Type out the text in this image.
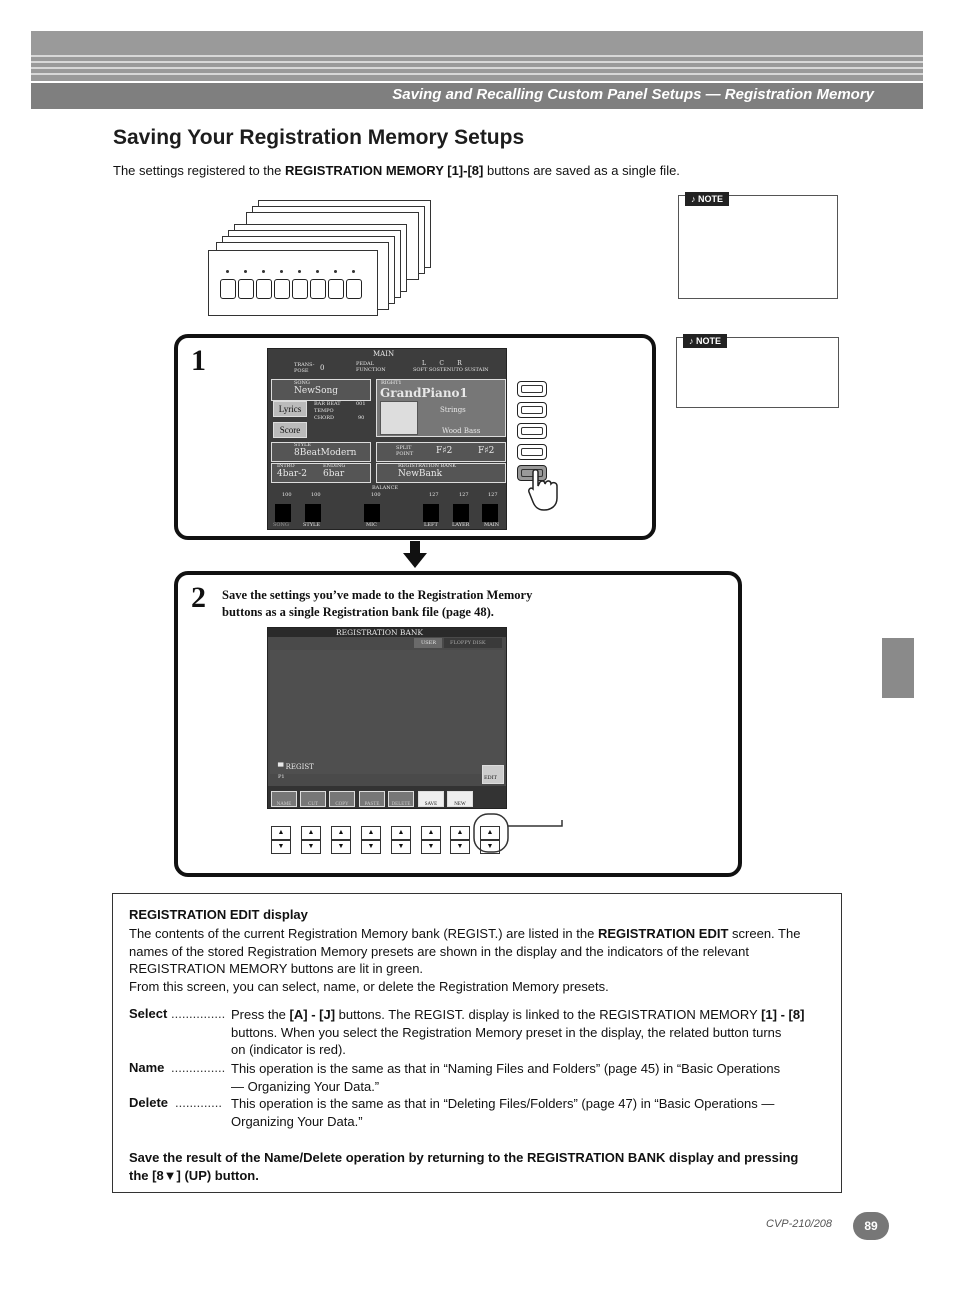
Saving and Recalling Custom Panel Setups — Registration Memory
Saving Your Registration Memory Setups
The settings registered to the REGISTRATION MEMORY [1]-[8] buttons are saved as a single file.
♪ NOTE
♪ NOTE
1	MAIN
TRANS-POSE	0	PEDAL FUNCTION
L C R
SOFT SOSTENUTO SUSTAIN
SONG
NewSong
Lyrics
Score
BAR BEAT TEMPO CHORD
001
90
RIGHT1
GrandPiano1
Strings
Wood Bass
STYLE
8BeatModern	SPLIT POINT	F♯2	F♯2
INTRO
4bar-2
ENDING
6bar
REGISTRATION BANK
NewBank
BALANCE
100	100	100	127	127	127
SONG	STYLE	MIC	LEFT	LAYER	MAIN
2 Save the settings you’ve made to the Registration Memory
buttons as a single Registration bank file (page 48).
REGISTRATION BANK
USER	FLOPPY DISK
▀ REGIST
P1	EDIT
NAME	CUT	COPY	PASTE	DELETE	SAVE	NEW
▲
▼
▲
▼
▲
▼
▲
▼
▲
▼
▲
▼
▲
▼
▲
▼
REGISTRATION EDIT display
The contents of the current Registration Memory bank (REGIST.) are listed in the REGISTRATION EDIT screen. The
names of the stored Registration Memory presets are shown in the display and the indicators of the relevant
REGISTRATION MEMORY buttons are lit in green.
From this screen, you can select, name, or delete the Registration Memory presets.
Select ............... Press the [A] - [J] buttons. The REGIST. display is linked to the REGISTRATION MEMORY [1] - [8]
buttons. When you select the Registration Memory preset in the display, the related button turns
on (indicator is red).
Name ............... This operation is the same as that in “Naming Files and Folders” (page 45) in “Basic Operations
— Organizing Your Data.”
Delete ............. This operation is the same as that in “Deleting Files/Folders” (page 47) in “Basic Operations —
Organizing Your Data.”
Save the result of the Name/Delete operation by returning to the REGISTRATION BANK display and pressing
the [8▼] (UP) button.
CVP-210/208	89
